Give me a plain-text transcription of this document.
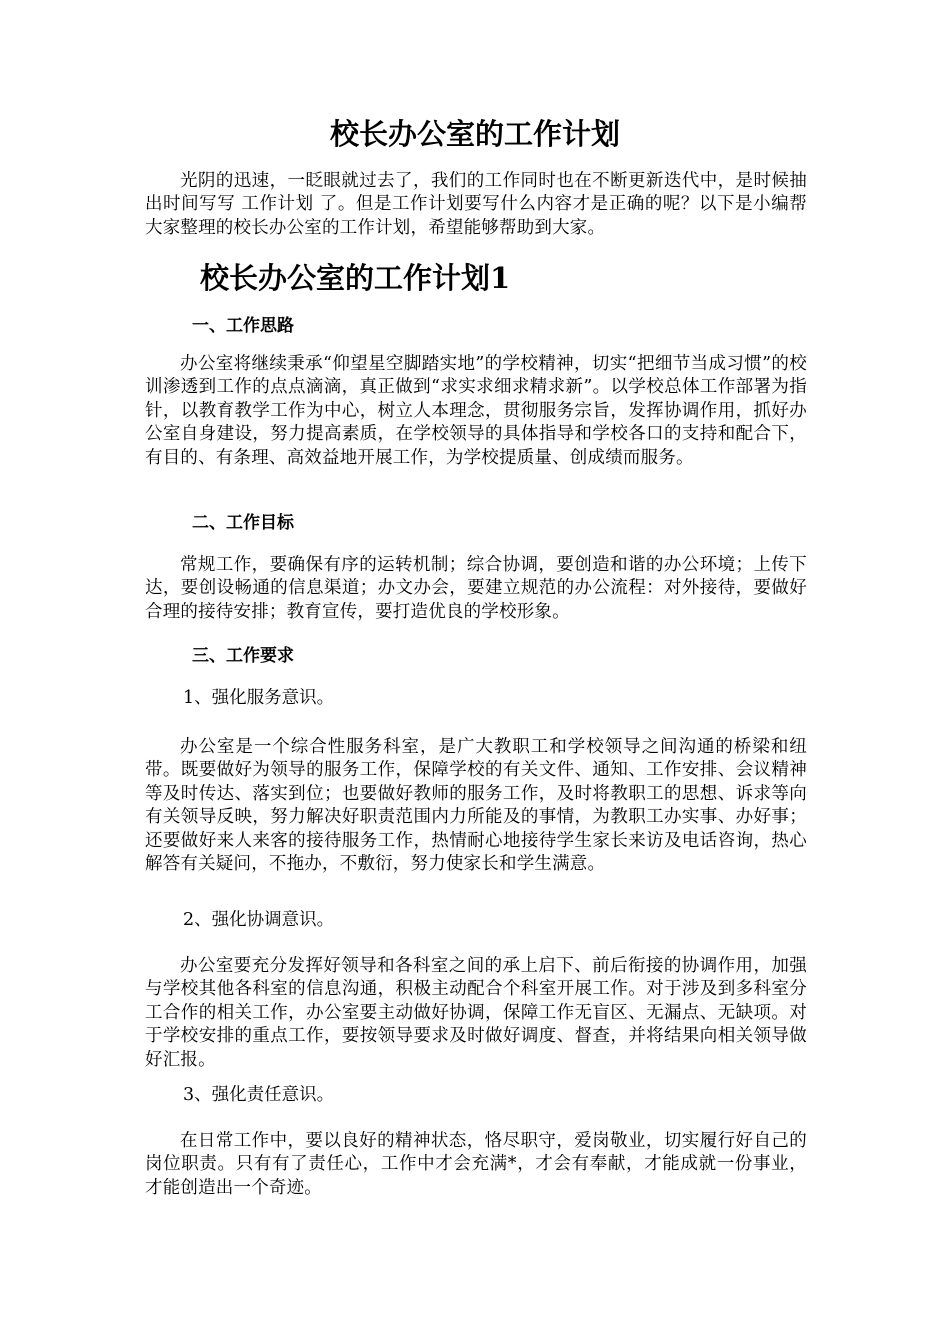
校长办公室的工作计划

光阴的迅速，一眨眼就过去了，我们的工作同时也在不断更新迭代中，是时候抽出时间写写 工作计划 了。但是工作计划要写什么内容才是正确的呢？以下是小编帮大家整理的校长办公室的工作计划，希望能够帮助到大家。

校长办公室的工作计划1
一、工作思路

办公室将继续秉承“仰望星空脚踏实地”的学校精神，切实“把细节当成习惯”的校训渗透到工作的点点滴滴，真正做到“求实求细求精求新”。以学校总体工作部署为指针，以教育教学工作为中心，树立人本理念，贯彻服务宗旨，发挥协调作用，抓好办公室自身建设，努力提高素质，在学校领导的具体指导和学校各口的支持和配合下，有目的、有条理、高效益地开展工作，为学校提质量、创成绩而服务。

二、工作目标

常规工作，要确保有序的运转机制；综合协调，要创造和谐的办公环境；上传下达，要创设畅通的信息渠道；办文办会，要建立规范的办公流程：对外接待，要做好合理的接待安排；教育宣传，要打造优良的学校形象。

三、工作要求

1、强化服务意识。

办公室是一个综合性服务科室，是广大教职工和学校领导之间沟通的桥梁和纽带。既要做好为领导的服务工作，保障学校的有关文件、通知、工作安排、会议精神等及时传达、落实到位；也要做好教师的服务工作，及时将教职工的思想、诉求等向有关领导反映，努力解决好职责范围内力所能及的事情，为教职工办实事、办好事；还要做好来人来客的接待服务工作，热情耐心地接待学生家长来访及电话咨询，热心解答有关疑问，不拖办，不敷衍，努力使家长和学生满意。

2、强化协调意识。

办公室要充分发挥好领导和各科室之间的承上启下、前后衔接的协调作用，加强与学校其他各科室的信息沟通，积极主动配合个科室开展工作。对于涉及到多科室分工合作的相关工作，办公室要主动做好协调，保障工作无盲区、无漏点、无缺项。对于学校安排的重点工作，要按领导要求及时做好调度、督查，并将结果向相关领导做好汇报。

3、强化责任意识。

在日常工作中，要以良好的精神状态，恪尽职守，爱岗敬业，切实履行好自己的岗位职责。只有有了责任心，工作中才会充满*，才会有奉献，才能成就一份事业，才能创造出一个奇迹。
